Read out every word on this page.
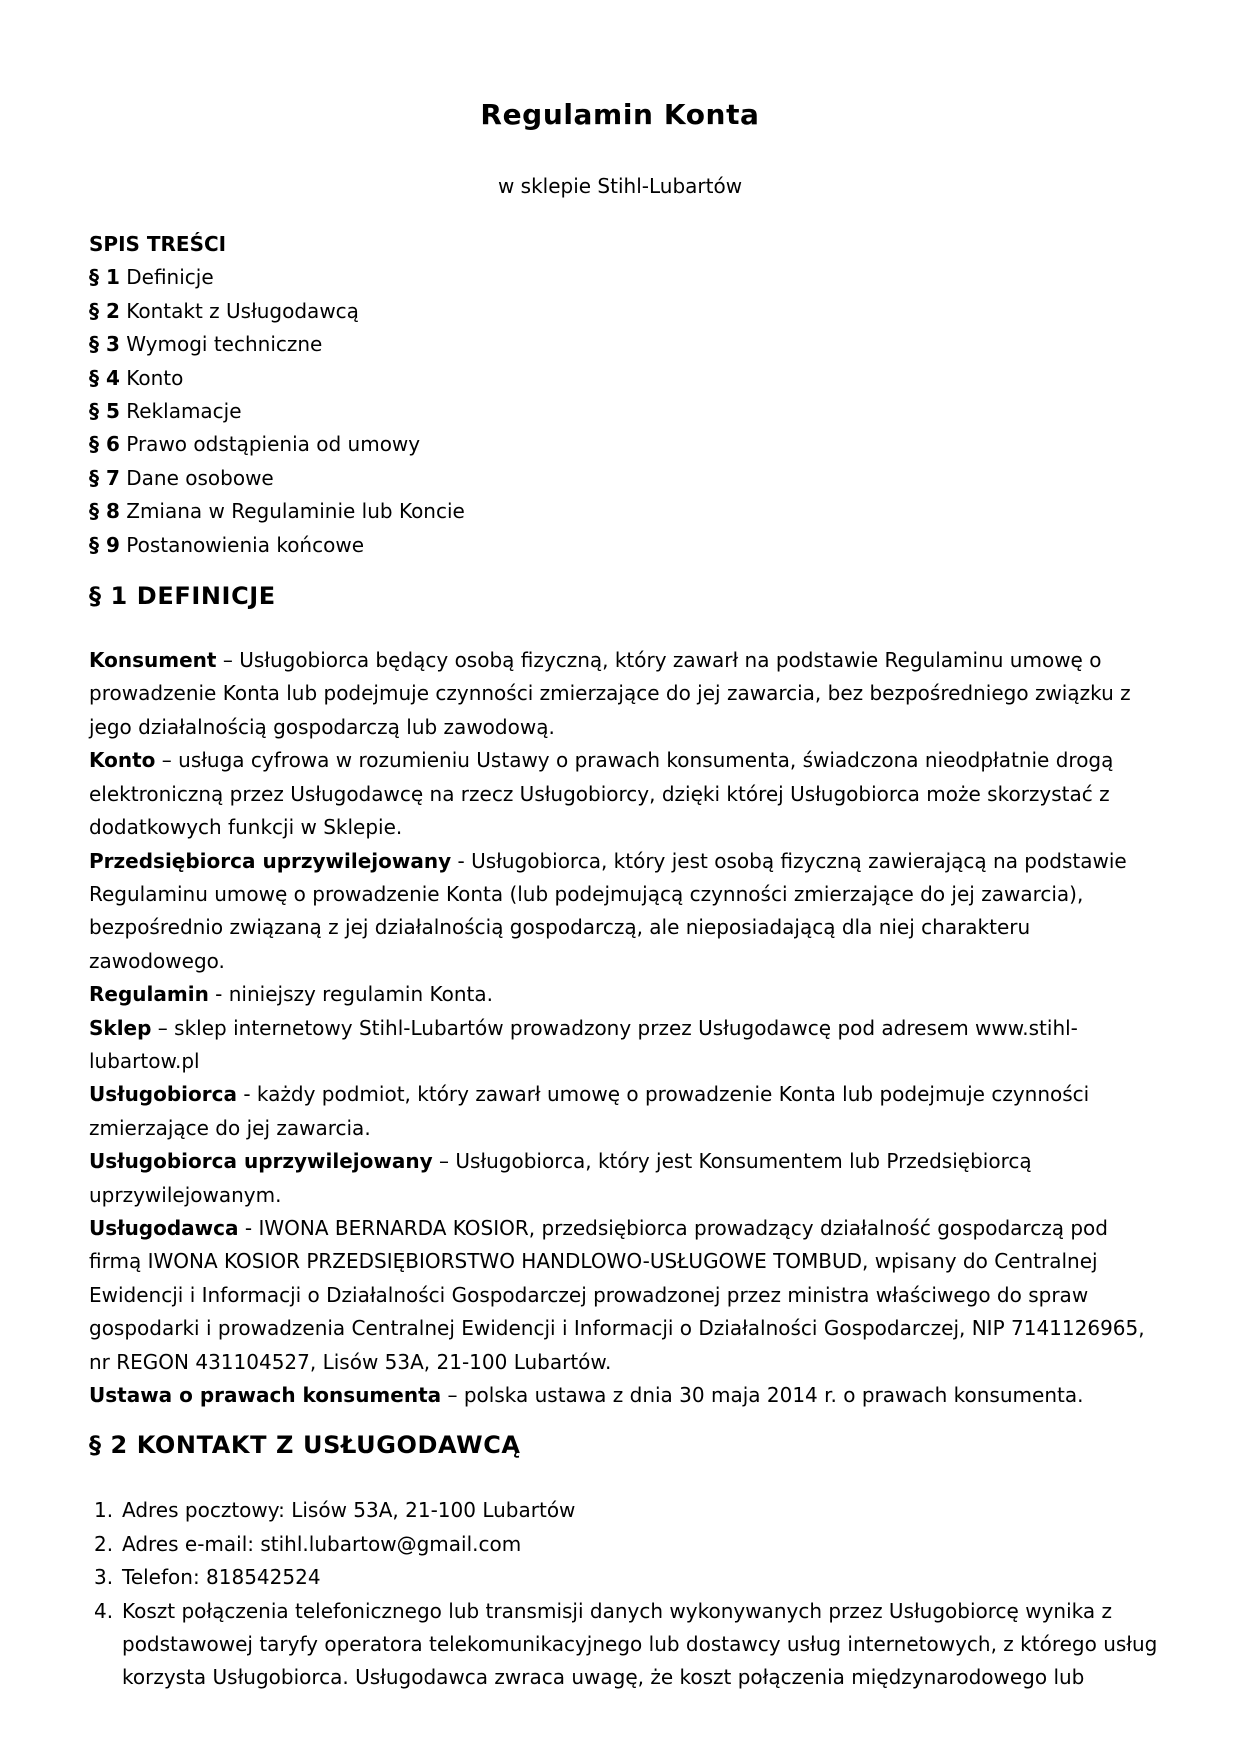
Regulamin Konta
w sklepie Stihl-Lubartów
SPIS TREŚCI
§ 1 Definicje
§ 2 Kontakt z Usługodawcą
§ 3 Wymogi techniczne
§ 4 Konto
§ 5 Reklamacje
§ 6 Prawo odstąpienia od umowy
§ 7 Dane osobowe
§ 8 Zmiana w Regulaminie lub Koncie
§ 9 Postanowienia końcowe
§ 1 DEFINICJE

Konsument – Usługobiorca będący osobą fizyczną, który zawarł na podstawie Regulaminu umowę o prowadzenie Konta lub podejmuje czynności zmierzające do jej zawarcia, bez bezpośredniego związku z jego działalnością gospodarczą lub zawodową.

Konto – usługa cyfrowa w rozumieniu Ustawy o prawach konsumenta, świadczona nieodpłatnie drogą elektroniczną przez Usługodawcę na rzecz Usługobiorcy, dzięki której Usługobiorca może skorzystać z dodatkowych funkcji w Sklepie.

Przedsiębiorca uprzywilejowany - Usługobiorca, który jest osobą fizyczną zawierającą na podstawie Regulaminu umowę o prowadzenie Konta (lub podejmującą czynności zmierzające do jej zawarcia), bezpośrednio związaną z jej działalnością gospodarczą, ale nieposiadającą dla niej charakteru zawodowego.

Regulamin - niniejszy regulamin Konta.

Sklep – sklep internetowy Stihl-Lubartów prowadzony przez Usługodawcę pod adresem www.stihl-lubartow.pl

Usługobiorca - każdy podmiot, który zawarł umowę o prowadzenie Konta lub podejmuje czynności zmierzające do jej zawarcia.

Usługobiorca uprzywilejowany – Usługobiorca, który jest Konsumentem lub Przedsiębiorcą uprzywilejowanym.

Usługodawca - IWONA BERNARDA KOSIOR, przedsiębiorca prowadzący działalność gospodarczą pod firmą IWONA KOSIOR PRZEDSIĘBIORSTWO HANDLOWO-USŁUGOWE TOMBUD, wpisany do Centralnej Ewidencji i Informacji o Działalności Gospodarczej prowadzonej przez ministra właściwego do spraw gospodarki i prowadzenia Centralnej Ewidencji i Informacji o Działalności Gospodarczej, NIP 7141126965, nr REGON 431104527, Lisów 53A, 21-100 Lubartów.

Ustawa o prawach konsumenta – polska ustawa z dnia 30 maja 2014 r. o prawach konsumenta.

§ 2 KONTAKT Z USŁUGODAWCĄ
1. Adres pocztowy: Lisów 53A, 21-100 Lubartów
2. Adres e-mail: stihl.lubartow@gmail.com
3. Telefon: 818542524
4. Koszt połączenia telefonicznego lub transmisji danych wykonywanych przez Usługobiorcę wynika z podstawowej taryfy operatora telekomunikacyjnego lub dostawcy usług internetowych, z którego usług korzysta Usługobiorca. Usługodawca zwraca uwagę, że koszt połączenia międzynarodowego lub
